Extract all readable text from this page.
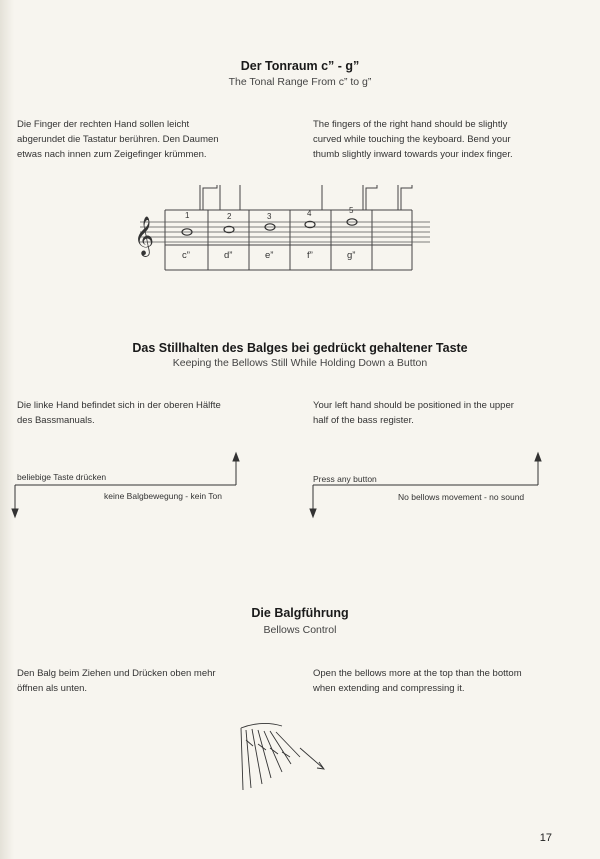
Der Tonraum c” - g”
The Tonal Range From c” to g”
Die Finger der rechten Hand sollen leicht
abgerundet die Tastatur berühren. Den Daumen
etwas nach innen zum Zeigefinger krümmen.
The fingers of the right hand should be slightly
curved while touching the keyboard. Bend your
thumb slightly inward towards your index finger.
𝄞
1	2	3	4	5
c”	d”	e”	f”	g”
Das Stillhalten des Balges bei gedrückt gehaltener Taste
Keeping the Bellows Still While Holding Down a Button
Die linke Hand befindet sich in der oberen Hälfte
des Bassmanuals.
Your left hand should be positioned in the upper
half of the bass register.
beliebige Taste drücken
keine Balgbewegung - kein Ton
Press any button
No bellows movement - no sound
Die Balgführung
Bellows Control
Den Balg beim Ziehen und Drücken oben mehr
öffnen als unten.
Open the bellows more at the top than the bottom
when extending and compressing it.
17
